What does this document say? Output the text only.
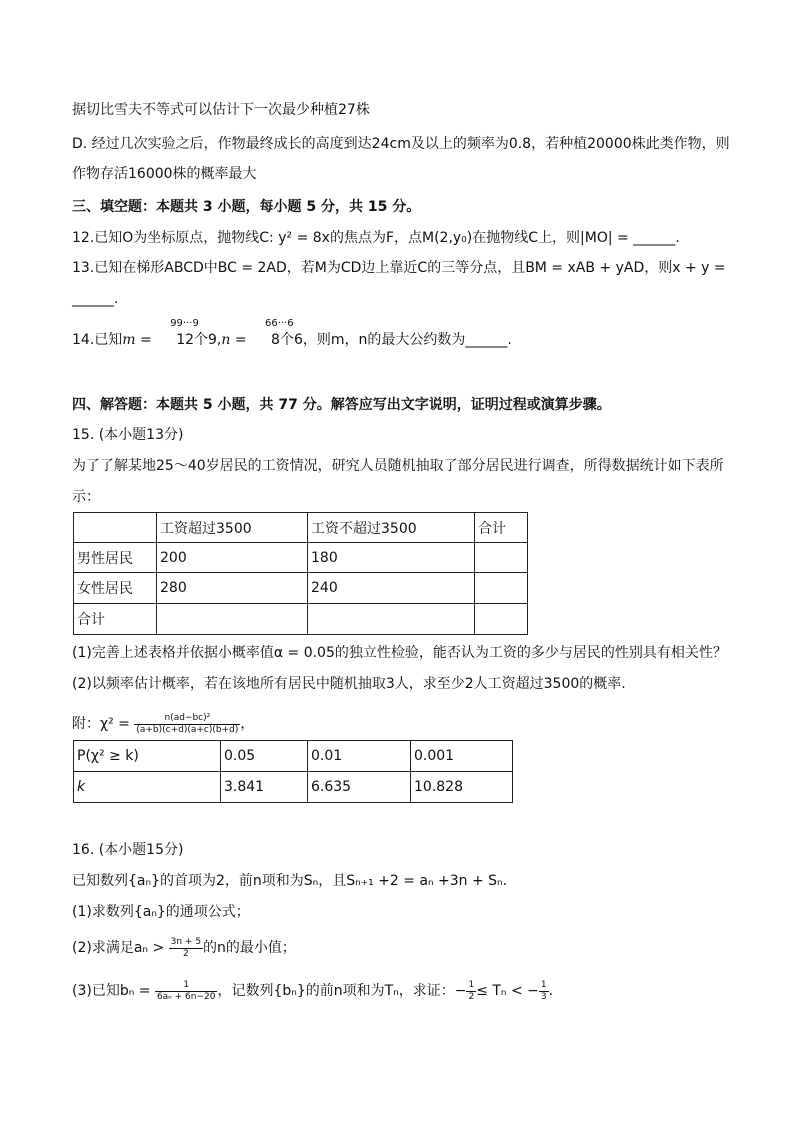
据切比雪夫不等式可以估计下一次最少种植27株
D. 经过几次实验之后，作物最终成长的高度到达24cm及以上的频率为0.8，若种植20000株此类作物，则
作物存活16000株的概率最大
三、填空题：本题共 3 小题，每小题 5 分，共 15 分。
12.已知O为坐标原点，抛物线C: y² = 8x的焦点为F，点M(2,y₀)在抛物线C上，则|MO| = ______.
13.已知在梯形ABCD中BC = 2AD，若M为CD边上靠近C的三等分点，且BM = xAB + yAD，则x + y =
______.
14.已知m =
99···9
12个9,n =
66···6
8个6，则m，n的最大公约数为______.
四、解答题：本题共 5 小题，共 77 分。解答应写出文字说明，证明过程或演算步骤。
15. (本小题13分)
为了了解某地25～40岁居民的工资情况，研究人员随机抽取了部分居民进行调查，所得数据统计如下表所
示：
	工资超过3500	工资不超过3500	合计
男性居民	200	180	
女性居民	280	240	
合计			
(1)完善上述表格并依据小概率值α = 0.05的独立性检验，能否认为工资的多少与居民的性别具有相关性？
(2)以频率估计概率，若在该地所有居民中随机抽取3人，求至少2人工资超过3500的概率.
附：$\chi^2 = \frac{\text{n(ad−bc)²}}{(a+b)(c+d)(a+c)(b+d)}$ ，
P(χ² ≥ k)	0.05	0.01	0.001
k	3.841	6.635	10.828
16. (本小题15分)
已知数列{aₙ}的首项为2，前n项和为Sₙ，且Sₙ₊₁ +2 = aₙ +3n + Sₙ.
(1)求数列{aₙ}的通项公式；
(2)求满足$a_n > \frac{3n + 5}{2}$ 的n的最小值；
(3)已知$b_n = \frac{1}{\text{6aₙ + 6n−20}}$ ，记数列{bₙ}的前n项和为Tₙ，求证：− $\frac{1}{2} \le T_n$ < − $\frac{1}{3}$ .
